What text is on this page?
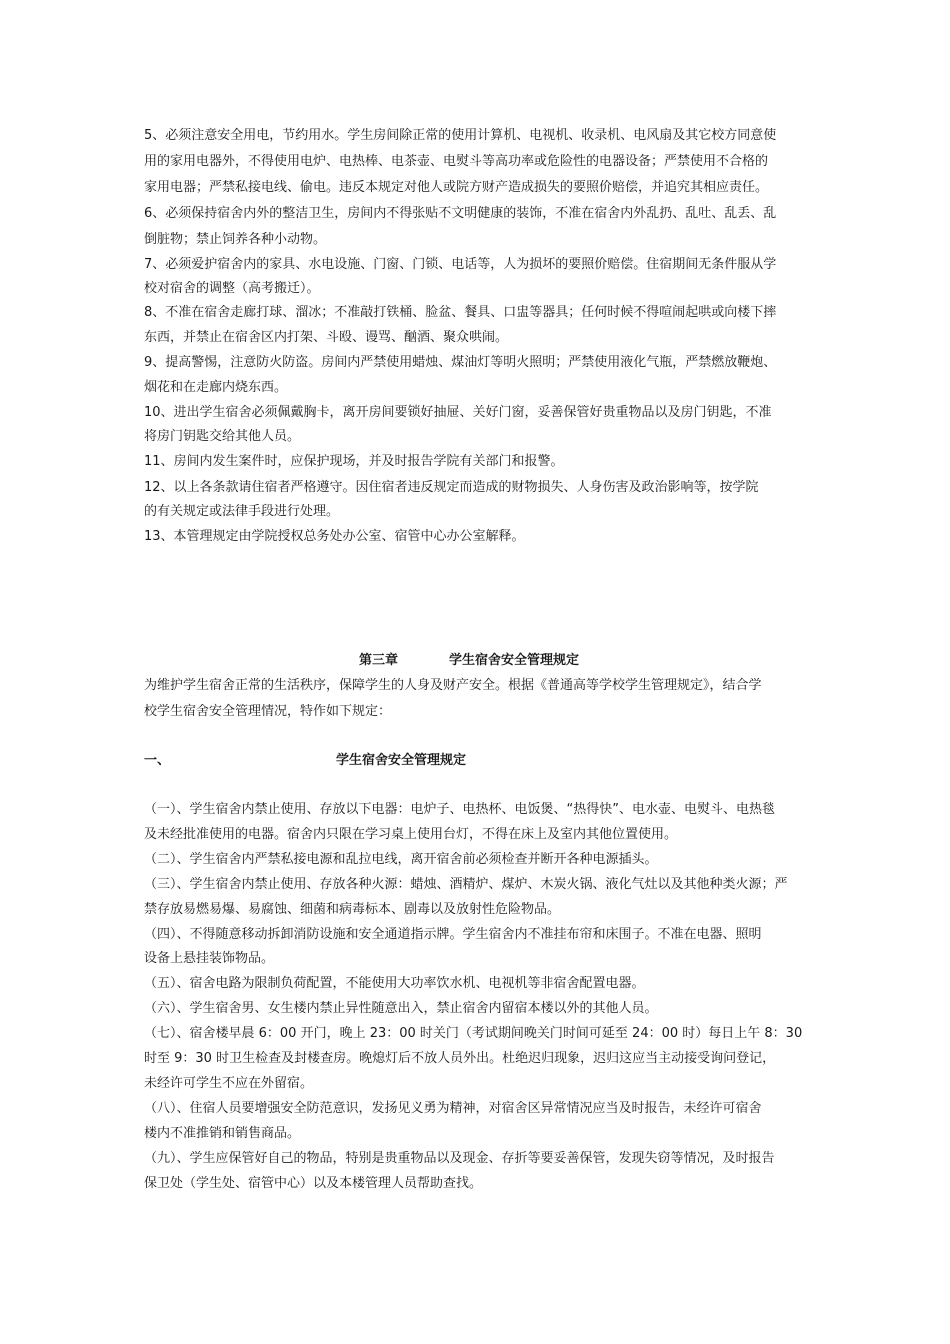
5、必须注意安全用电，节约用水。学生房间除正常的使用计算机、电视机、收录机、电风扇及其它校方同意使
用的家用电器外，不得使用电炉、电热棒、电茶壶、电熨斗等高功率或危险性的电器设备；严禁使用不合格的
家用电器；严禁私接电线、偷电。违反本规定对他人或院方财产造成损失的要照价赔偿，并追究其相应责任。
6、必须保持宿舍内外的整洁卫生，房间内不得张贴不文明健康的装饰，不准在宿舍内外乱扔、乱吐、乱丢、乱
倒脏物；禁止饲养各种小动物。
7、必须爱护宿舍内的家具、水电设施、门窗、门锁、电话等，人为损坏的要照价赔偿。住宿期间无条件服从学
校对宿舍的调整（高考搬迁）。
8、不准在宿舍走廊打球、溜冰；不准敲打铁桶、脸盆、餐具、口盅等器具；任何时候不得喧闹起哄或向楼下摔
东西，并禁止在宿舍区内打架、斗殴、谩骂、酗酒、聚众哄闹。
9、提高警惕，注意防火防盗。房间内严禁使用蜡烛、煤油灯等明火照明；严禁使用液化气瓶，严禁燃放鞭炮、
烟花和在走廊内烧东西。
10、进出学生宿舍必须佩戴胸卡，离开房间要锁好抽屉、关好门窗，妥善保管好贵重物品以及房门钥匙，不准
将房门钥匙交给其他人员。
11、房间内发生案件时，应保护现场，并及时报告学院有关部门和报警。
12、以上各条款请住宿者严格遵守。因住宿者违反规定而造成的财物损失、人身伤害及政治影响等，按学院
的有关规定或法律手段进行处理。
13、本管理规定由学院授权总务处办公室、宿管中心办公室解释。
第三章	学生宿舍安全管理规定
为维护学生宿舍正常的生活秩序，保障学生的人身及财产安全。根据《普通高等学校学生管理规定》，结合学
校学生宿舍安全管理情况，特作如下规定：
一、	学生宿舍安全管理规定
（一）、学生宿舍内禁止使用、存放以下电器：电炉子、电热杯、电饭煲、“热得快”、电水壶、电熨斗、电热毯
及未经批准使用的电器。宿舍内只限在学习桌上使用台灯，不得在床上及室内其他位置使用。
（二）、学生宿舍内严禁私接电源和乱拉电线，离开宿舍前必须检查并断开各种电源插头。
（三）、学生宿舍内禁止使用、存放各种火源：蜡烛、酒精炉、煤炉、木炭火锅、液化气灶以及其他种类火源；严
禁存放易燃易爆、易腐蚀、细菌和病毒标本、剧毒以及放射性危险物品。
（四）、不得随意移动拆卸消防设施和安全通道指示牌。学生宿舍内不准挂布帘和床围子。不准在电器、照明
设备上悬挂装饰物品。
（五）、宿舍电路为限制负荷配置，不能使用大功率饮水机、电视机等非宿舍配置电器。
（六）、学生宿舍男、女生楼内禁止异性随意出入，禁止宿舍内留宿本楼以外的其他人员。
（七）、宿舍楼早晨 6：00 开门，晚上 23：00 时关门（考试期间晚关门时间可延至 24：00 时）每日上午 8：30
时至 9：30 时卫生检查及封楼查房。晚熄灯后不放人员外出。杜绝迟归现象，迟归这应当主动接受询问登记，
未经许可学生不应在外留宿。
（八）、住宿人员要增强安全防范意识，发扬见义勇为精神，对宿舍区异常情况应当及时报告，未经许可宿舍
楼内不准推销和销售商品。
（九）、学生应保管好自己的物品，特别是贵重物品以及现金、存折等要妥善保管，发现失窃等情况，及时报告
保卫处（学生处、宿管中心）以及本楼管理人员帮助查找。
